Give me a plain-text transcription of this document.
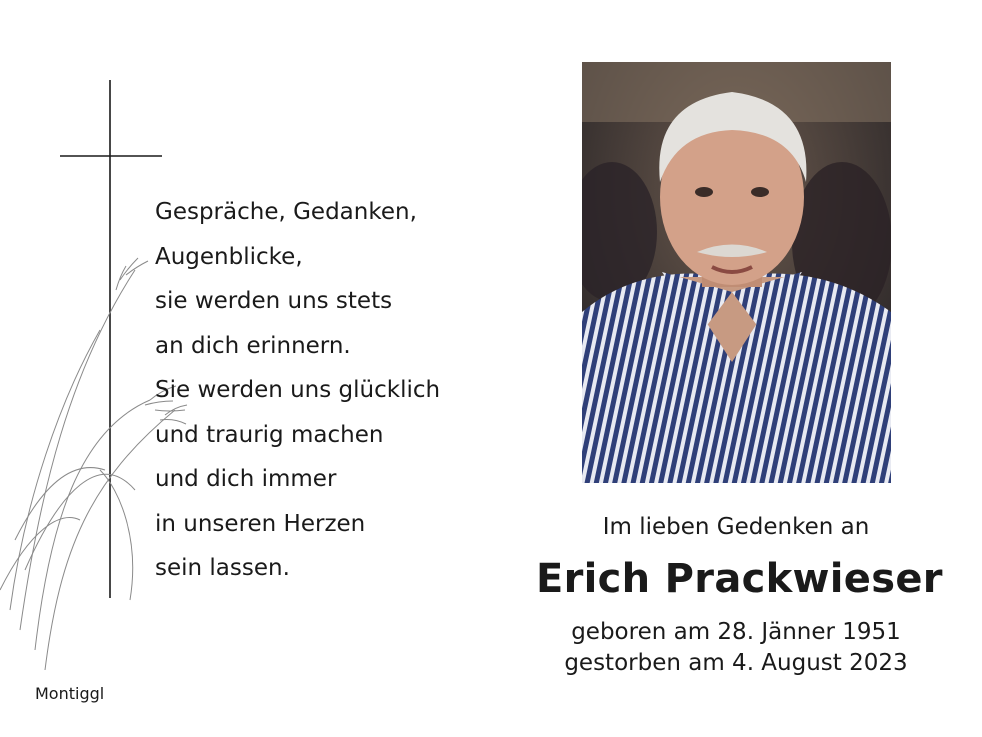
Gespräche, Gedanken,
Augenblicke,
sie werden uns stets
an dich erinnern.
Sie werden uns glücklich
und traurig machen
und dich immer
in unseren Herzen
sein lassen.
Montiggl
Im lieben Gedenken an
Erich Prackwieser
geboren am 28. Jänner 1951
gestorben am 4. August 2023
